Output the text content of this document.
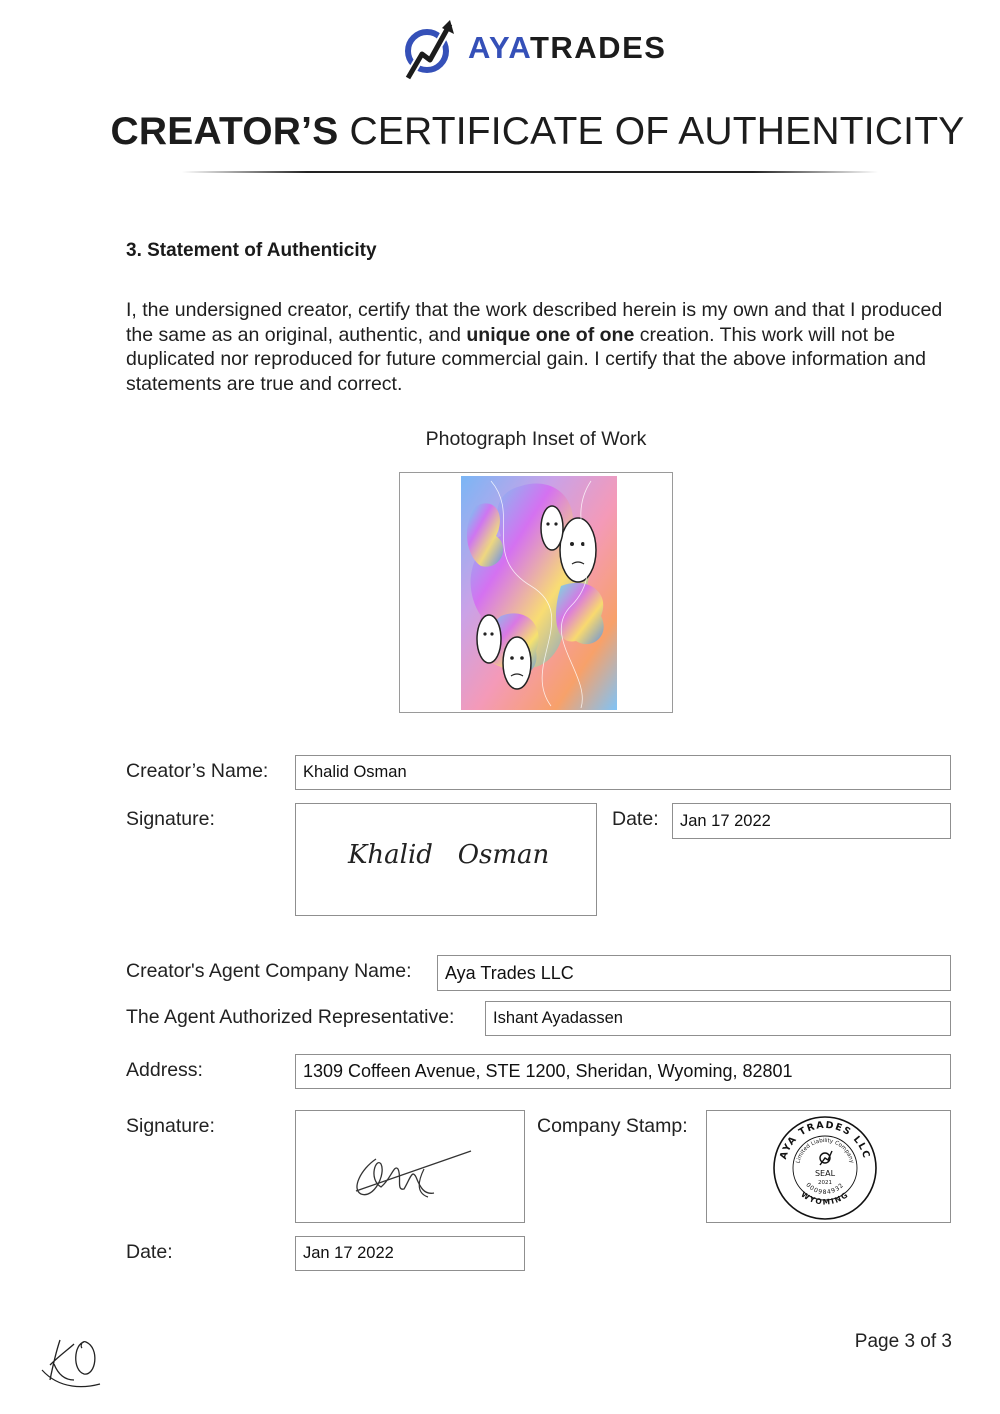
AYATRADES
CREATOR’S CERTIFICATE OF AUTHENTICITY
3. Statement of Authenticity
I, the undersigned creator, certify that the work described herein is my own and that I produced the same as an original, authentic, and unique one of one creation. This work will not be duplicated nor reproduced for future commercial gain. I certify that the above information and statements are true and correct.
Photograph Inset of Work
Creator’s Name:	Khalid Osman
Signature:
Khalid   Osman
Date:	Jan 17 2022
Creator's Agent Company Name:	Aya Trades LLC
The Agent Authorized Representative:	Ishant Ayadassen
Address:	1309 Coffeen Avenue, STE 1200, Sheridan, Wyoming, 82801
Signature:	Company Stamp:
AYA TRADES LLC
WYOMING
Limited Liability Company
000984932
SEAL
2021
Date:	Jan 17 2022
Page 3 of 3
